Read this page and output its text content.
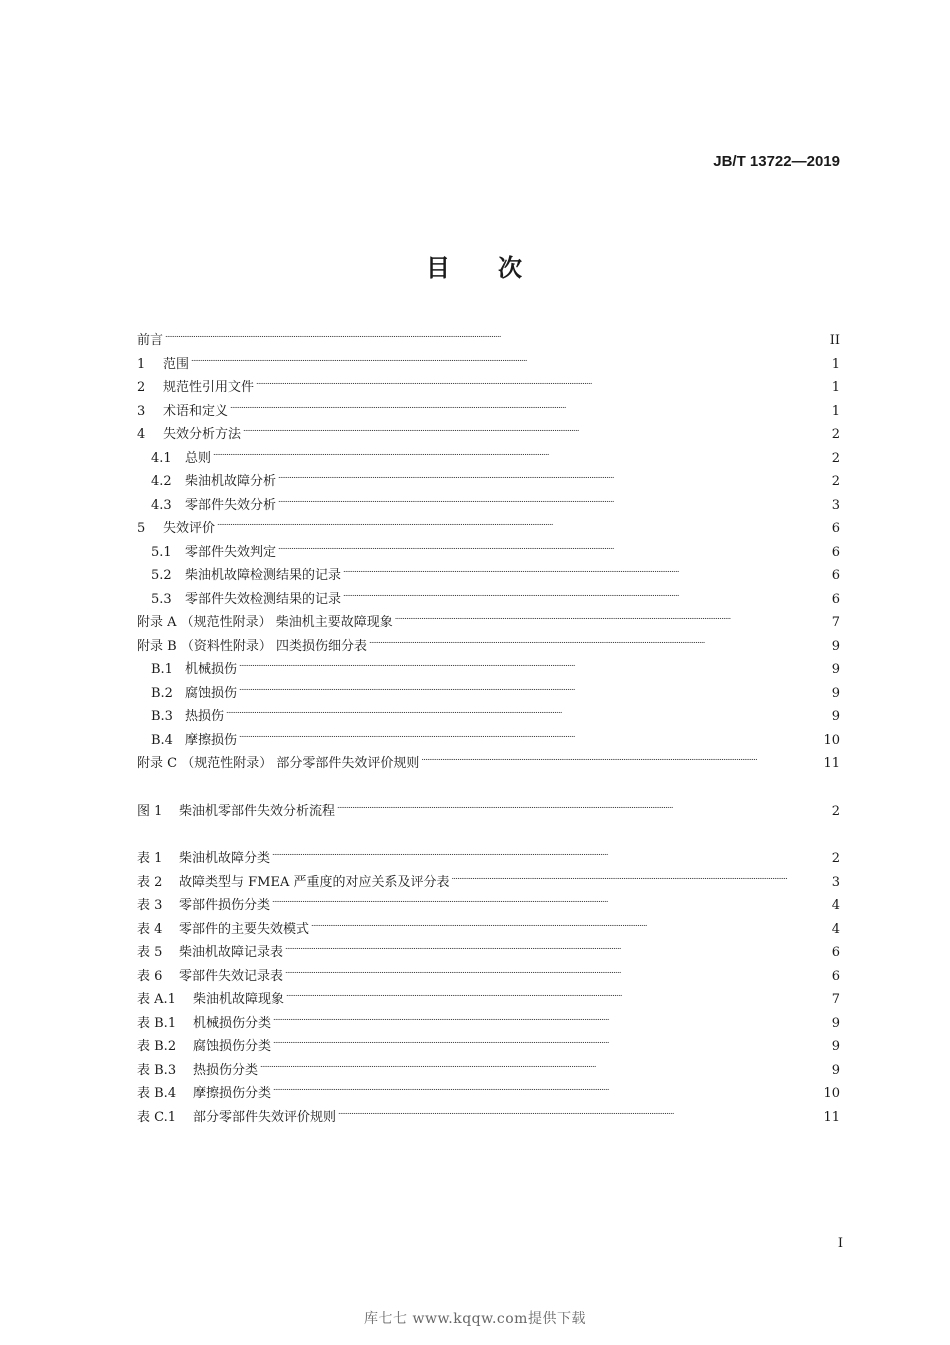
JB/T 13722—2019
目 次
前言 . . .	II
1	范围 . . .	1
2	规范性引用文件 . . .	1
3	术语和定义 . . .	1
4	失效分析方法 . . .	2
4.1	总则 . . .	2
4.2	柴油机故障分析 . . .	2
4.3	零部件失效分析 . . .	3
5	失效评价 . . .	6
5.1	零部件失效判定 . . .	6
5.2	柴油机故障检测结果的记录 . . .	6
5.3	零部件失效检测结果的记录 . . .	6
附录 A （规范性附录） 柴油机主要故障现象 . . .	7
附录 B （资料性附录） 四类损伤细分表 . . .	9
B.1 机械损伤 . . .	9
B.2 腐蚀损伤 . . .	9
B.3 热损伤 . . .	9
B.4 摩擦损伤 . . .	10
附录 C （规范性附录） 部分零部件失效评价规则 . . .	11
图 1	柴油机零部件失效分析流程 . . .	2
表 1	柴油机故障分类 . . .	2
表 2	故障类型与 FMEA 严重度的对应关系及评分表 . . .	3
表 3	零部件损伤分类 . . .	4
表 4	零部件的主要失效模式 . . .	4
表 5	柴油机故障记录表 . . .	6
表 6	零部件失效记录表 . . .	6
表 A.1	柴油机故障现象 . . .	7
表 B.1	机械损伤分类 . . .	9
表 B.2	腐蚀损伤分类 . . .	9
表 B.3	热损伤分类 . . .	9
表 B.4	摩擦损伤分类 . . .	10
表 C.1	部分零部件失效评价规则 . . .	11
I
库七七 www.kqqw.com提供下载
